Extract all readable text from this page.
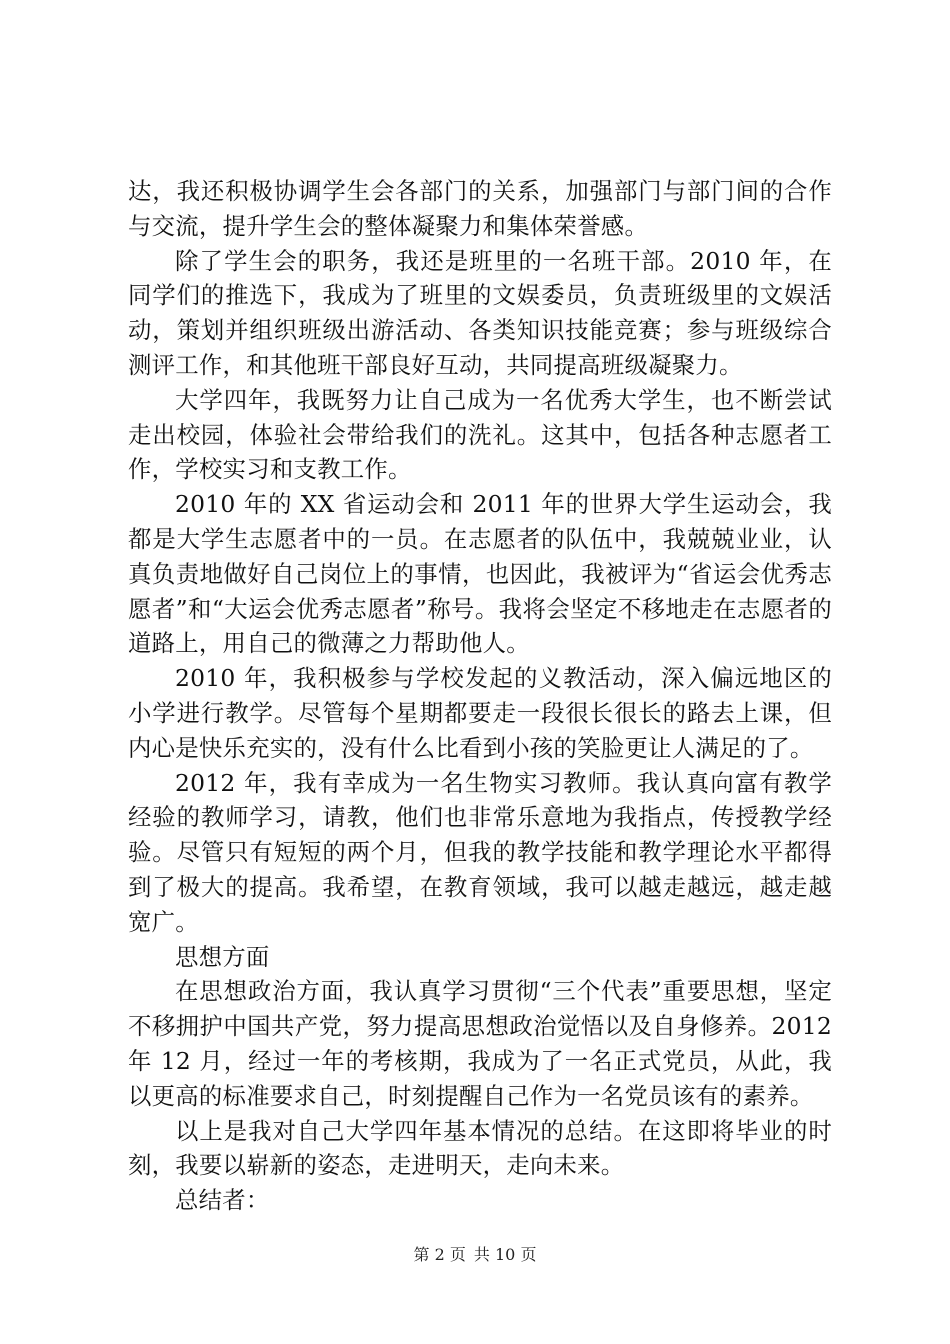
达，我还积极协调学生会各部门的关系，加强部门与部门间的合作与交流，提升学生会的整体凝聚力和集体荣誉感。

除了学生会的职务，我还是班里的一名班干部。2010 年，在同学们的推选下，我成为了班里的文娱委员，负责班级里的文娱活动，策划并组织班级出游活动、各类知识技能竞赛；参与班级综合测评工作，和其他班干部良好互动，共同提高班级凝聚力。

大学四年，我既努力让自己成为一名优秀大学生，也不断尝试走出校园，体验社会带给我们的洗礼。这其中，包括各种志愿者工作，学校实习和支教工作。

2010 年的 XX 省运动会和 2011 年的世界大学生运动会，我都是大学生志愿者中的一员。在志愿者的队伍中，我兢兢业业，认真负责地做好自己岗位上的事情，也因此，我被评为“省运会优秀志愿者”和“大运会优秀志愿者”称号。我将会坚定不移地走在志愿者的道路上，用自己的微薄之力帮助他人。

2010 年，我积极参与学校发起的义教活动，深入偏远地区的小学进行教学。尽管每个星期都要走一段很长很长的路去上课，但内心是快乐充实的，没有什么比看到小孩的笑脸更让人满足的了。

2012 年，我有幸成为一名生物实习教师。我认真向富有教学经验的教师学习，请教，他们也非常乐意地为我指点，传授教学经验。尽管只有短短的两个月，但我的教学技能和教学理论水平都得到了极大的提高。我希望，在教育领域，我可以越走越远，越走越宽广。

思想方面

在思想政治方面，我认真学习贯彻“三个代表”重要思想，坚定不移拥护中国共产党，努力提高思想政治觉悟以及自身修养。2012 年 12 月，经过一年的考核期，我成为了一名正式党员，从此，我以更高的标准要求自己，时刻提醒自己作为一名党员该有的素养。

以上是我对自己大学四年基本情况的总结。在这即将毕业的时刻，我要以崭新的姿态，走进明天，走向未来。

总结者：

第 2 页 共 10 页
